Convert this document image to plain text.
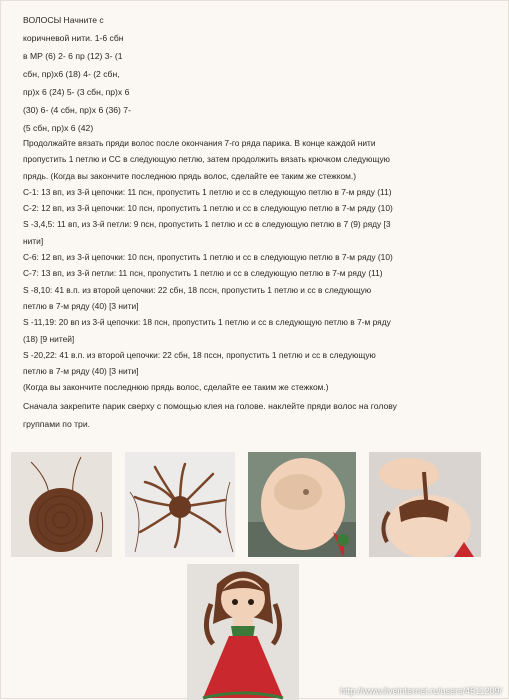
ВОЛОСЫ Начните с
коричневой нити. 1-6 сбн
в МР (6) 2- 6 пр (12) 3- (1
сбн, пр)х6 (18) 4- (2 сбн,
пр)х 6 (24) 5- (3 сбн, пр)х 6
(30) 6- (4 сбн, пр)х 6 (36) 7-
(5 сбн, пр)х 6 (42)

Продолжайте вязать пряди волос после окончания 7-го ряда парика. В конце каждой нити

пропустить 1 петлю и СС в следующую петлю, затем продолжить вязать крючком следующую

прядь. (Когда вы закончите последнюю прядь волос, сделайте ее таким же стежком.)

С-1: 13 вп, из 3-й цепочки: 11 псн, пропустить 1 петлю и сс в следующую петлю в 7-м ряду (11)

С-2: 12 вп, из 3-й цепочки: 10 псн, пропустить 1 петлю и сс в следующую петлю в 7-м ряду (10)

S -3,4,5: 11 вп, из 3-й петли: 9 псн, пропустить 1 петлю и сс в следующую петлю в 7 (9) ряду [3

нити]

С-6: 12 вп, из 3-й цепочки: 10 псн, пропустить 1 петлю и сс в следующую петлю в 7-м ряду (10)

С-7: 13 вп, из 3-й петли: 11 псн, пропустить 1 петлю и сс в следующую петлю в 7-м ряду (11)

S -8,10: 41 в.п. из второй цепочки: 22 сбн, 18 пссн, пропустить 1 петлю и сс в следующую

петлю в 7-м ряду (40) [3 нити]

S -11,19: 20 вп из 3-й цепочки: 18 псн, пропустить 1 петлю и сс в следующую петлю в 7-м ряду

(18) [9 нитей]

S -20,22: 41 в.п. из второй цепочки: 22 сбн, 18 пссн, пропустить 1 петлю и сс в следующую

петлю в 7-м ряду (40) [3 нити]

(Когда вы закончите последнюю прядь волос, сделайте ее таким же стежком.)

Сначала закрепите парик сверху с помощью клея на голове. наклейте пряди волос на голову
группами по три.
http://www.liveinternet.ru/users/4511209/
